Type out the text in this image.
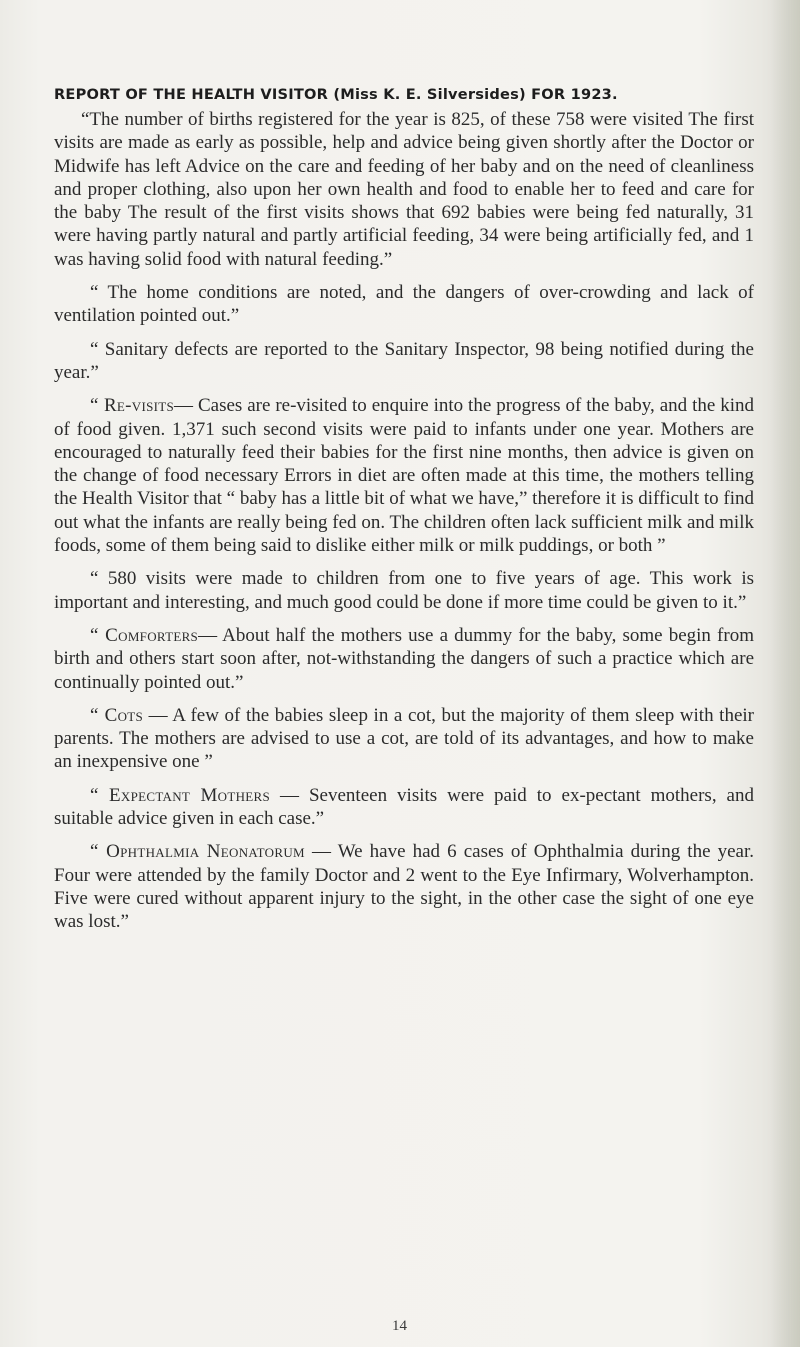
REPORT OF THE HEALTH VISITOR (Miss K. E. Silversides) FOR 1923.

“The number of births registered for the year is 825, of these 758 were visited The first visits are made as early as possible, help and advice being given shortly after the Doctor or Midwife has left Advice on the care and feeding of her baby and on the need of cleanliness and proper clothing, also upon her own health and food to enable her to feed and care for the baby The result of the first visits shows that 692 babies were being fed naturally, 31 were having partly natural and partly artificial feeding, 34 were being artificially fed, and 1 was having solid food with natural feeding.”

“ The home conditions are noted, and the dangers of over-crowding and lack of ventilation pointed out.”

“ Sanitary defects are reported to the Sanitary Inspector, 98 being notified during the year.”

“ Re-visits— Cases are re-visited to enquire into the progress of the baby, and the kind of food given. 1,371 such second visits were paid to infants under one year. Mothers are encouraged to naturally feed their babies for the first nine months, then advice is given on the change of food necessary Errors in diet are often made at this time, the mothers telling the Health Visitor that “ baby has a little bit of what we have,” therefore it is difficult to find out what the infants are really being fed on. The children often lack sufficient milk and milk foods, some of them being said to dislike either milk or milk puddings, or both ”

“ 580 visits were made to children from one to five years of age. This work is important and interesting, and much good could be done if more time could be given to it.”

“ Comforters— About half the mothers use a dummy for the baby, some begin from birth and others start soon after, not-withstanding the dangers of such a practice which are continually pointed out.”

“ Cots — A few of the babies sleep in a cot, but the majority of them sleep with their parents. The mothers are advised to use a cot, are told of its advantages, and how to make an inexpensive one ”

“ Expectant Mothers — Seventeen visits were paid to ex-pectant mothers, and suitable advice given in each case.”

“ Ophthalmia Neonatorum — We have had 6 cases of Ophthalmia during the year. Four were attended by the family Doctor and 2 went to the Eye Infirmary, Wolverhampton. Five were cured without apparent injury to the sight, in the other case the sight of one eye was lost.”

14
